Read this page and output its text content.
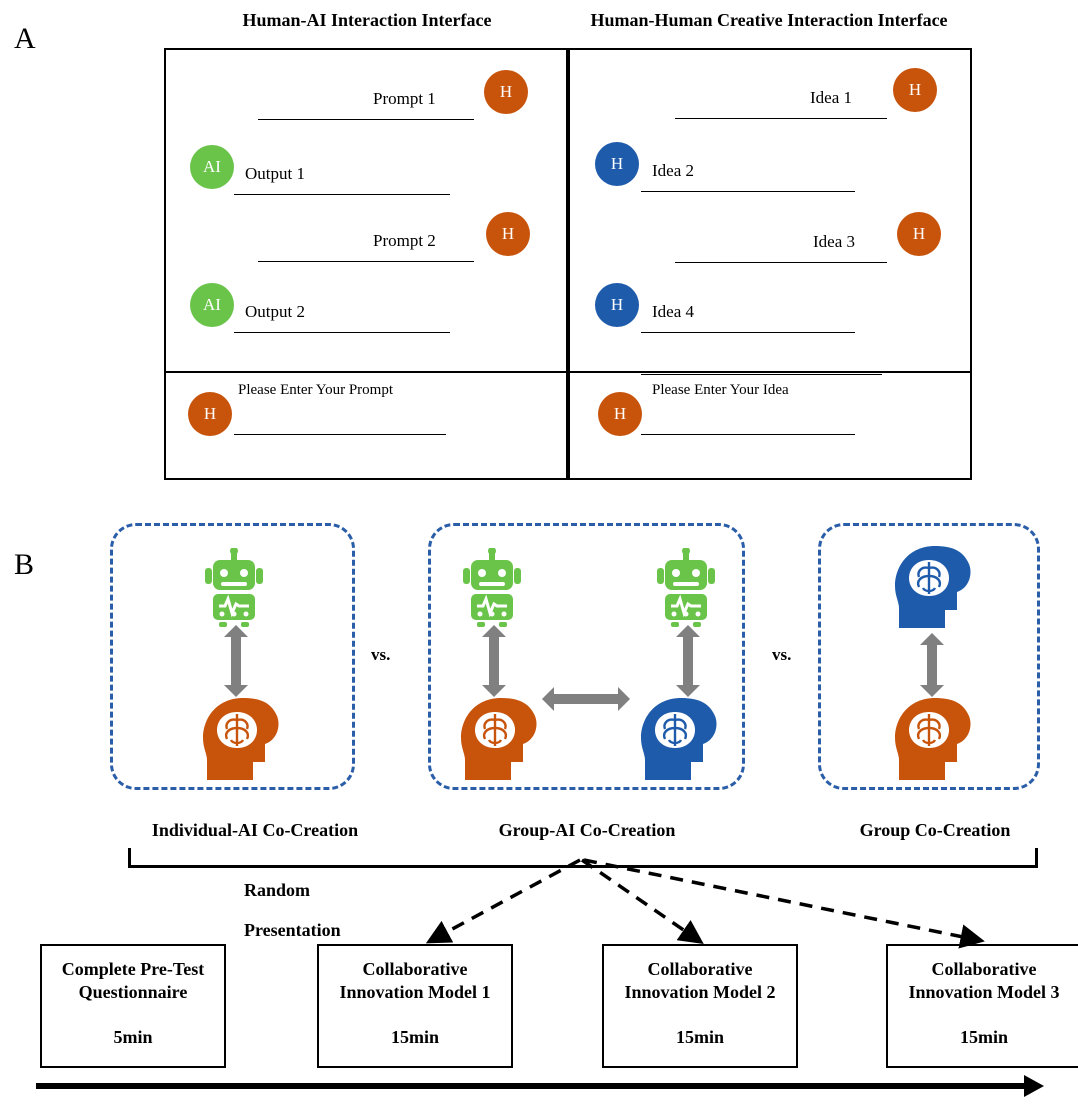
A
Human-AI Interaction Interface	Human-Human Creative Interaction Interface
H
Prompt 1
AI	Output 1
H
Prompt 2
AI	Output 2
H
Please Enter Your Prompt
H
Idea 1
H	Idea 2
H
Idea 3
H	Idea 4
H
Please Enter Your Idea
B
Individual-AI Co-Creation
vs.
Group-AI Co-Creation
vs.
Group Co-Creation
Random
Presentation
Complete Pre-Test
Questionnaire
5min
Collaborative
Innovation Model 1
15min
Collaborative
Innovation Model 2
15min
Collaborative
Innovation Model 3
15min
